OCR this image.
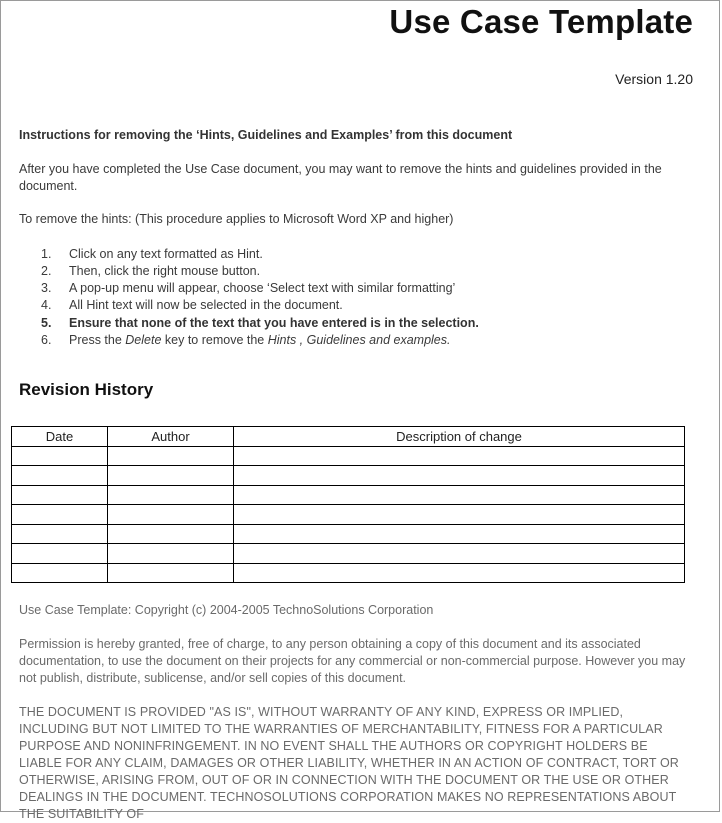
Use Case Template
Version 1.20
Instructions for removing the ‘Hints, Guidelines and Examples’ from this document
After you have completed the Use Case document, you may want to remove the hints and guidelines provided in the document.
To remove the hints: (This procedure applies to Microsoft Word XP and higher)
1.	Click on any text formatted as Hint.
2.	Then, click the right mouse button.
3.	A pop-up menu will appear, choose ‘Select text with similar formatting’
4.	All Hint text will now be selected in the document.
5.	Ensure that none of the text that you have entered is in the selection.
6.	Press the Delete key to remove the Hints , Guidelines and examples.
Revision History
Date	Author	Description of change

Use Case Template: Copyright (c) 2004-2005 TechnoSolutions Corporation
Permission is hereby granted, free of charge, to any person obtaining a copy of this document and its associated documentation, to use the document on their projects for any commercial or non-commercial purpose. However you may not publish, distribute, sublicense, and/or sell copies of this document.
THE DOCUMENT IS PROVIDED "AS IS", WITHOUT WARRANTY OF ANY KIND, EXPRESS OR IMPLIED, INCLUDING BUT NOT LIMITED TO THE WARRANTIES OF MERCHANTABILITY, FITNESS FOR A PARTICULAR PURPOSE AND NONINFRINGEMENT. IN NO EVENT SHALL THE AUTHORS OR COPYRIGHT HOLDERS BE LIABLE FOR ANY CLAIM, DAMAGES OR OTHER LIABILITY, WHETHER IN AN ACTION OF CONTRACT, TORT OR OTHERWISE, ARISING FROM, OUT OF OR IN CONNECTION WITH THE DOCUMENT OR THE USE OR OTHER DEALINGS IN THE DOCUMENT. TECHNOSOLUTIONS CORPORATION MAKES NO REPRESENTATIONS ABOUT THE SUITABILITY OF
